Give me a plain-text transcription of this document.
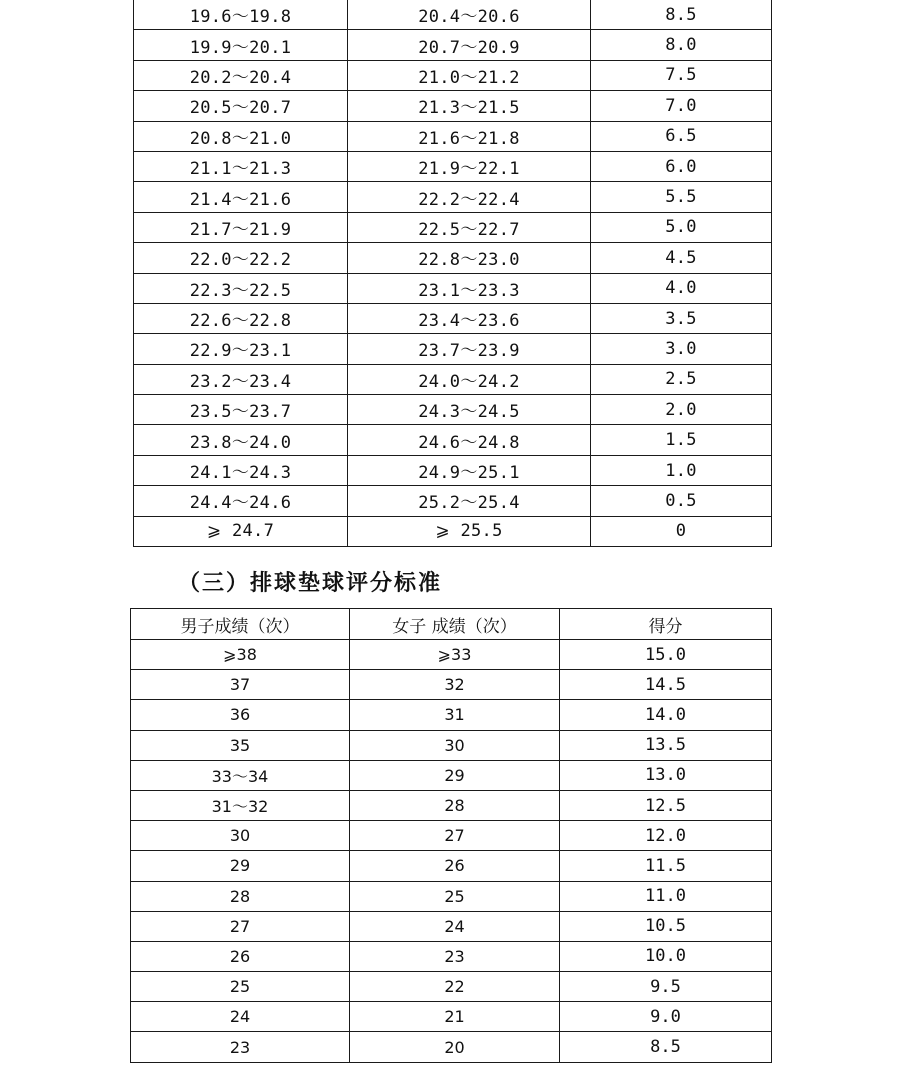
19.6～19.8	20.4～20.6	8.5
19.9～20.1	20.7～20.9	8.0
20.2～20.4	21.0～21.2	7.5
20.5～20.7	21.3～21.5	7.0
20.8～21.0	21.6～21.8	6.5
21.1～21.3	21.9～22.1	6.0
21.4～21.6	22.2～22.4	5.5
21.7～21.9	22.5～22.7	5.0
22.0～22.2	22.8～23.0	4.5
22.3～22.5	23.1～23.3	4.0
22.6～22.8	23.4～23.6	3.5
22.9～23.1	23.7～23.9	3.0
23.2～23.4	24.0～24.2	2.5
23.5～23.7	24.3～24.5	2.0
23.8～24.0	24.6～24.8	1.5
24.1～24.3	24.9～25.1	1.0
24.4～24.6	25.2～25.4	0.5
⩾ 24.7	⩾ 25.5	0
（三）排球垫球评分标准
男子成绩（次）	女子 成绩（次）	得分
⩾38	⩾33	15.0
37	32	14.5
36	31	14.0
35	30	13.5
33～34	29	13.0
31～32	28	12.5
30	27	12.0
29	26	11.5
28	25	11.0
27	24	10.5
26	23	10.0
25	22	9.5
24	21	9.0
23	20	8.5
